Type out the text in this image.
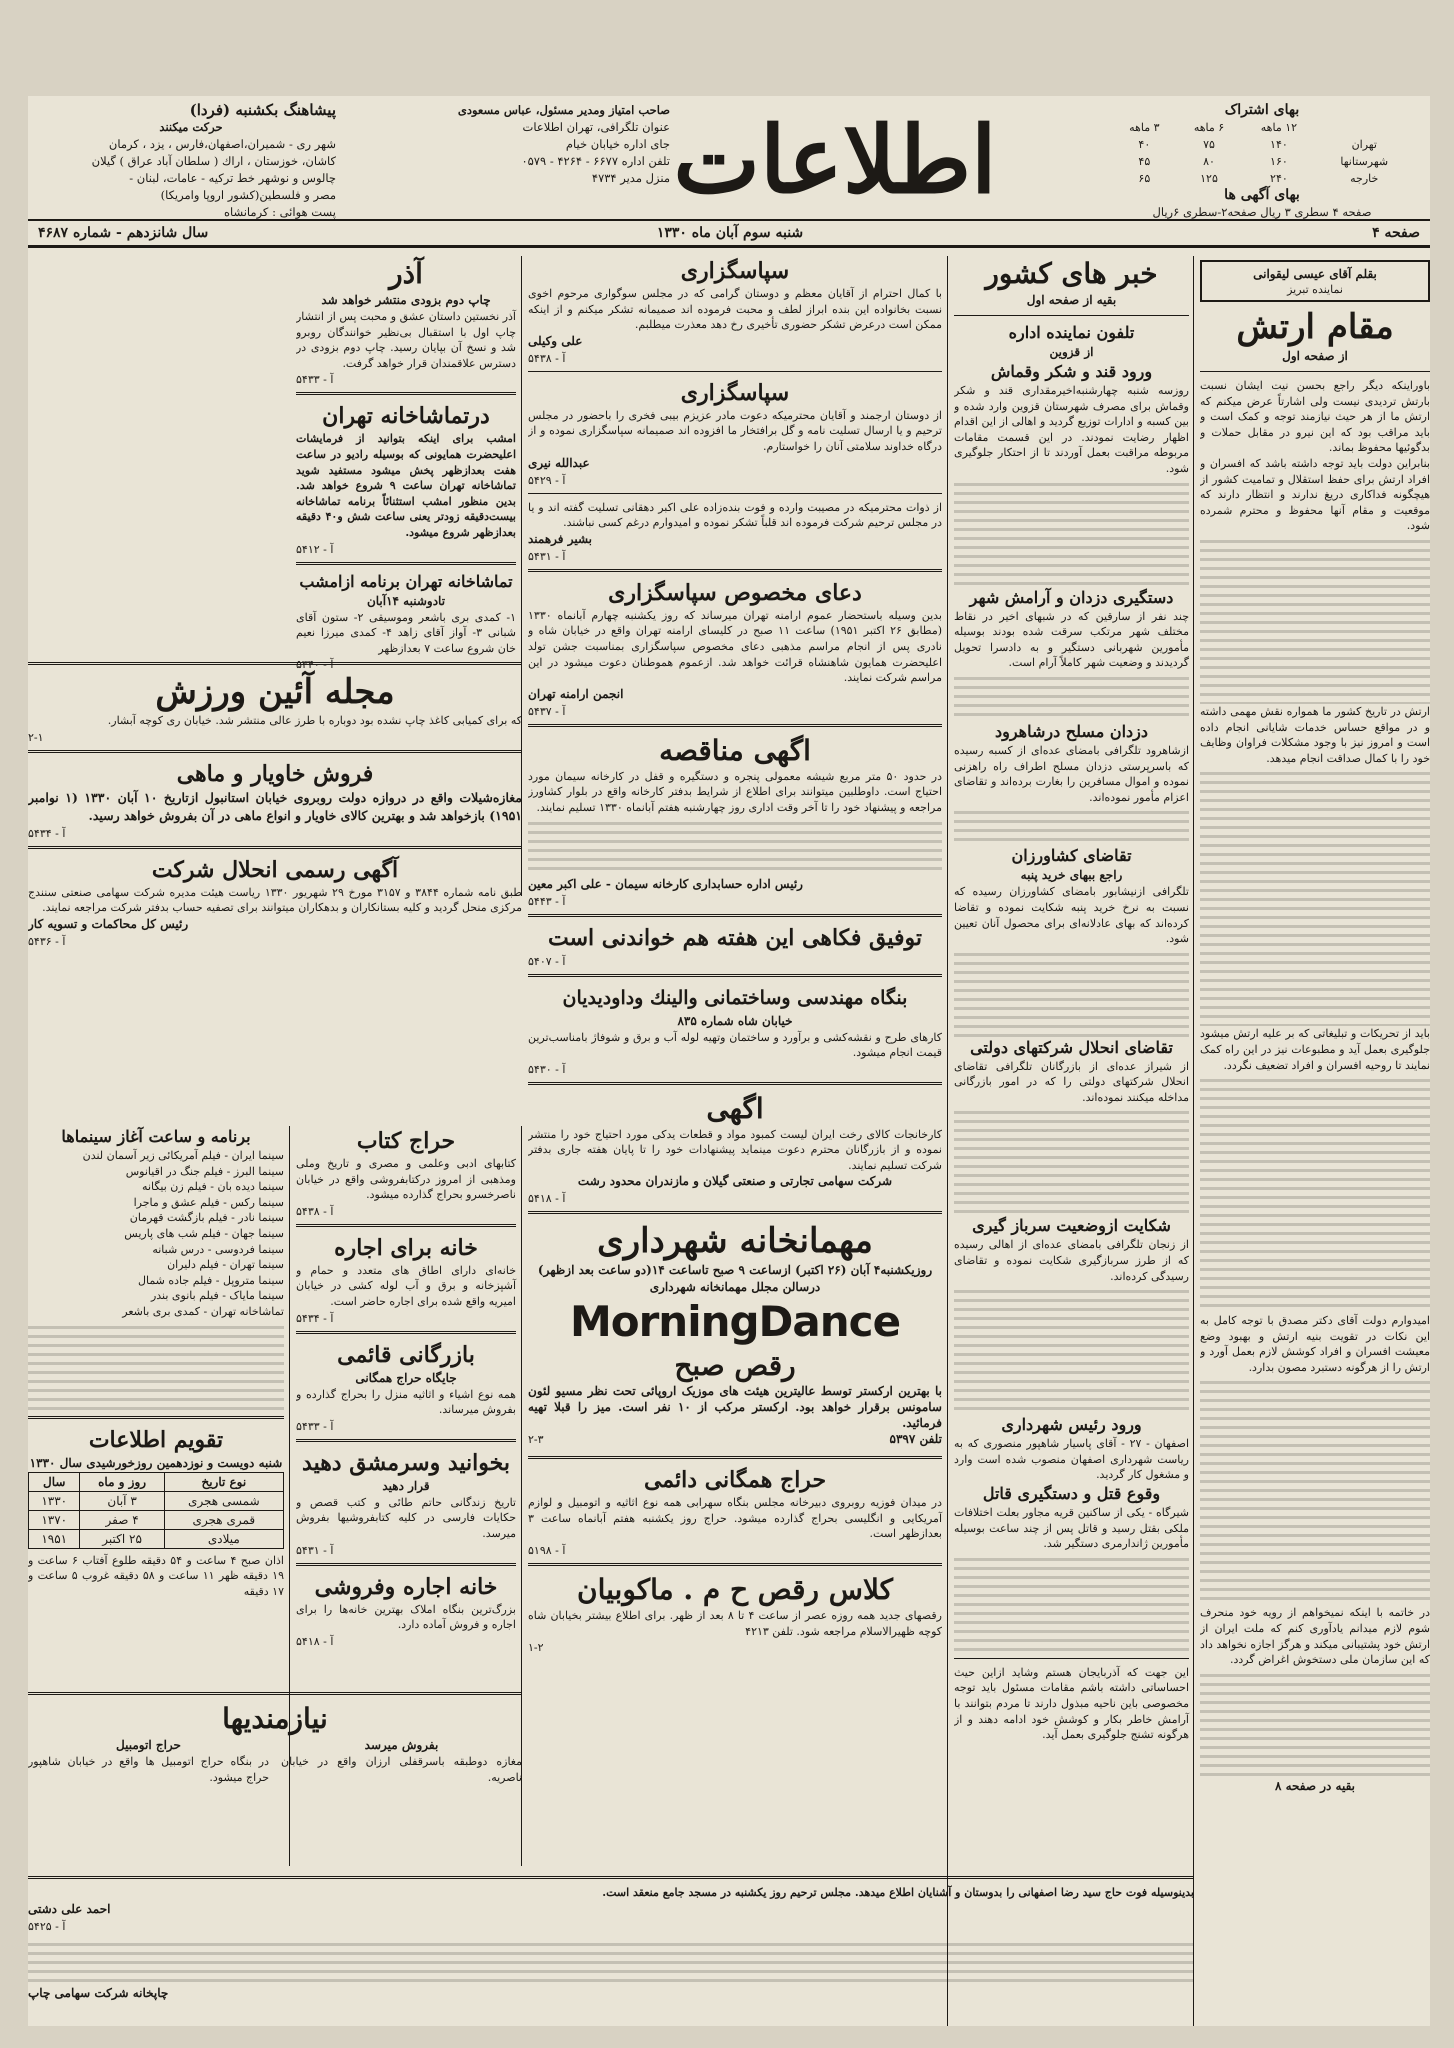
بهای اشتراک
	۱۲ ماهه	۶ ماهه	۳ ماهه
تهران	۱۴۰	۷۵	۴۰
شهرستانها	۱۶۰	۸۰	۴۵
خارجه	۲۴۰	۱۲۵	۶۵
بهای آگهی ها
صفحه ۴ سطری ۳ ریال صفحه۲-سطری ۶ریال
اطلاعات
صاحب امتیاز ومدیر مسئول، عباس مسعودی
عنوان تلگرافی، تهران اطلاعات
جای اداره خیابان خیام
تلفن اداره ۶۶۷۷ - ۴۲۶۴ - ۰۵۷۹
منزل مدیر ۴۷۳۴
پیشاهنگ بکشنبه (فردا)
حرکت میکنند
شهر ری - شمیران،اصفهان،فارس ، یزد ، کرمان
کاشان، خوزستان ، اراك ( سلطان آباد عراق ) گیلان
چالوس و نوشهر خط ترکیه - عامات، لبنان -
مصر و فلسطین(کشور اروپا وامریکا)
پست هوائی : کرمانشاه
صفحه ۴
شنبه سوم آبان ماه ۱۳۳۰
سال شانزدهم - شماره ۴۶۸۷
بقلم آقای عیسی لیقوانی
نماینده تبریز
مقام ارتش
از صفحه اول

باوراینکه دیگر راجع بحسن نیت ایشان نسبت بارتش تردیدی نیست ولی اشارتاً عرض میکنم که ارتش ما از هر حیث نیازمند توجه و کمک است و باید مراقب بود که این نیرو در مقابل حملات و بدگوئیها محفوظ بماند.

بنابراین دولت باید توجه داشته باشد که افسران و افراد ارتش برای حفظ استقلال و تمامیت کشور از هیچگونه فداکاری دریغ ندارند و انتظار دارند که موقعیت و مقام آنها محفوظ و محترم شمرده شود.

ارتش در تاریخ کشور ما همواره نقش مهمی داشته و در مواقع حساس خدمات شایانی انجام داده است و امروز نیز با وجود مشکلات فراوان وظایف خود را با کمال صداقت انجام میدهد.

باید از تحریکات و تبلیغاتی که بر علیه ارتش میشود جلوگیری بعمل آید و مطبوعات نیز در این راه کمک نمایند تا روحیه افسران و افراد تضعیف نگردد.

امیدوارم دولت آقای دکتر مصدق با توجه کامل به این نکات در تقویت بنیه ارتش و بهبود وضع معیشت افسران و افراد کوشش لازم بعمل آورد و ارتش را از هرگونه دستبرد مصون بدارد.

در خاتمه با اینکه نمیخواهم از رویه خود منحرف شوم لازم میدانم یادآوری کنم که ملت ایران از ارتش خود پشتیبانی میکند و هرگز اجازه نخواهد داد که این سازمان ملی دستخوش اغراض گردد.

بقیه در صفحه ۸
خبر های کشور
بقیه از صفحه اول
تلفون نماینده اداره
از قزوین
ورود قند و شکر وقماش

روزسه شنبه چهارشنبه‌اخیرمقداری قند و شکر وقماش برای مصرف شهرستان قزوین وارد شده و بین کسبه و ادارات توزیع گردید و اهالی از این اقدام اظهار رضایت نمودند. در این قسمت مقامات مربوطه مراقبت بعمل آوردند تا از احتکار جلوگیری شود.

دستگیری دزدان و آرامش شهر

چند نفر از سارقین که در شبهای اخیر در نقاط مختلف شهر مرتکب سرقت شده بودند بوسیله مأمورین شهربانی دستگیر و به دادسرا تحویل گردیدند و وضعیت شهر کاملاً آرام است.

دزدان مسلح درشاهرود

ازشاهرود تلگرافی بامضای عده‌ای از کسبه رسیده که باسرپرستی دزدان مسلح اطراف راه راهزنی نموده و اموال مسافرین را بغارت برده‌اند و تقاضای اعزام مأمور نموده‌اند.

تقاضای کشاورزان
راجع ببهای خرید پنبه

تلگرافی ازنیشابور بامضای کشاورزان رسیده که نسبت به نرخ خرید پنبه شکایت نموده و تقاضا کرده‌اند که بهای عادلانه‌ای برای محصول آنان تعیین شود.

تقاضای انحلال شرکتهای دولتی

از شیراز عده‌ای از بازرگانان تلگرافی تقاضای انحلال شرکتهای دولتی را که در امور بازرگانی مداخله میکنند نموده‌اند.

شکایت ازوضعیت سرباز گیری

از زنجان تلگرافی بامضای عده‌ای از اهالی رسیده که از طرز سربازگیری شکایت نموده و تقاضای رسیدگی کرده‌اند.

ورود رئیس شهرداری

اصفهان - ۲۷ - آقای پاسیار شاهپور منصوری که به ریاست شهرداری اصفهان منصوب شده است وارد و مشغول کار گردید.

وقوع قتل و دستگیری قاتل

شیرگاه - یکی از ساکنین قریه مجاور بعلت اختلافات ملکی بقتل رسید و قاتل پس از چند ساعت بوسیله مأمورین ژاندارمری دستگیر شد.

این جهت که آذربایجان هستم وشاید ازاین حیث احساساتی داشته باشم مقامات مسئول باید توجه مخصوصی باین ناحیه مبذول دارند تا مردم بتوانند با آرامش خاطر بکار و کوشش خود ادامه دهند و از هرگونه تشنج جلوگیری بعمل آید.

سپاسگزاری

با کمال احترام از آقایان معظم و دوستان گرامی که در مجلس سوگواری مرحوم اخوی نسبت بخانواده این بنده ابراز لطف و محبت فرموده اند صمیمانه تشکر میکنم و از اینکه ممکن است درعرض تشکر حضوری تأخیری رخ دهد معذرت میطلبم.

علی وکیلی
آ - ۵۴۳۸
سپاسگزاری

از دوستان ارجمند و آقایان محترمیکه دعوت مادر عزیزم بیبی فخری را باحضور در مجلس ترحیم و یا ارسال تسلیت نامه و گل برافتخار ما افزوده اند صمیمانه سپاسگزاری نموده و از درگاه خداوند سلامتی آنان را خواستارم.

عبدالله نیری
آ - ۵۴۲۹

از ذوات محترمیکه در مصیبت وارده و فوت بنده‌زاده علی اکبر دهقانی تسلیت گفته اند و یا در مجلس ترحیم شرکت فرموده اند قلباً تشکر نموده و امیدوارم درغم کسی نباشند.

بشیر فرهمند
آ - ۵۴۳۱
دعای مخصوص سپاسگزاری

بدین وسیله باستحضار عموم ارامنه تهران میرساند که روز یکشنبه چهارم آبانماه ۱۳۳۰ (مطابق ۲۶ اکتبر ۱۹۵۱) ساعت ۱۱ صبح در کلیسای ارامنه تهران واقع در خیابان شاه و نادری پس از انجام مراسم مذهبی دعای مخصوص سپاسگزاری بمناسبت جشن تولد اعلیحضرت همایون شاهنشاه قرائت خواهد شد. ازعموم هموطنان دعوت میشود در این مراسم شرکت نمایند.

انجمن ارامنه تهران
آ - ۵۴۳۷
اگهی مناقصه

در حدود ۵۰ متر مربع شیشه معمولی پنجره و دستگیره و قفل در کارخانه سیمان مورد احتیاج است. داوطلبین میتوانند برای اطلاع از شرایط بدفتر کارخانه واقع در بلوار کشاورز مراجعه و پیشنهاد خود را تا آخر وقت اداری روز چهارشنبه هفتم آبانماه ۱۳۳۰ تسلیم نمایند.

رئیس اداره حسابداری کارخانه سیمان - علی اکبر معین
آ - ۵۴۴۳
توفیق فکاهی این هفته هم خواندنی است
آ - ۵۴۰۷
بنگاه مهندسی وساختمانی والینك وداودیدیان
خیابان شاه شماره ۸۳۵

کارهای طرح و نقشه‌کشی و برآورد و ساختمان وتهیه لوله آب و برق و شوفاژ بامناسب‌ترین قیمت انجام میشود.

آ - ۵۴۳۰
اگهی

کارخانجات کالای رخت ایران لیست کمبود مواد و قطعات یدکی مورد احتیاج خود را منتشر نموده و از بازرگانان محترم دعوت مینماید پیشنهادات خود را تا پایان هفته جاری بدفتر شرکت تسلیم نمایند.

شرکت سهامی تجارتی و صنعتی گیلان و مازندران محدود رشت
آ - ۵۴۱۸
مهمانخانه شهرداری
روزیکشنبه۴ آبان (۲۶ اکتبر) ازساعت ۹ صبح تاساعت ۱۴(دو ساعت بعد ازظهر) درسالن مجلل مهمانخانه شهرداری
MorningDance
رقص صبح

با بهترین ارکستر توسط عالیترین هیئت های موزیک اروپائی تحت نظر مسیو لئون سامونس برقرار خواهد بود. ارکستر مرکب از ۱۰ نفر است. میز را قبلا تهیه فرمائید.

تلفن ۵۳۹۷
۲-۳
حراج همگانی دائمی

در میدان فوزیه روبروی دبیرخانه مجلس بنگاه سهرابی همه نوع اثاثیه و اتومبیل و لوازم آمریکایی و انگلیسی بحراج گذارده میشود. حراج روز یکشنبه هفتم آبانماه ساعت ۳ بعدازظهر است.

آ - ۵۱۹۸
کلاس رقص ح م . ماکوبیان

رقصهای جدید همه روزه عصر از ساعت ۴ تا ۸ بعد از ظهر. برای اطلاع بیشتر بخیابان شاه کوچه ظهیرالاسلام مراجعه شود. تلفن ۴۲۱۳

۱-۲
آذر
چاپ دوم بزودی منتشر خواهد شد

آذر نخستین داستان عشق و محبت پس از انتشار چاپ اول با استقبال بی‌نظیر خوانندگان روبرو شد و نسخ آن بپایان رسید. چاپ دوم بزودی در دسترس علاقمندان قرار خواهد گرفت.

آ - ۵۴۳۳
درتماشاخانه تهران

امشب برای اینکه بتوانید از فرمایشات اعلیحضرت همایونی که بوسیله رادیو در ساعت هفت بعدازظهر پخش میشود مستفید شوید تماشاخانه تهران ساعت ۹ شروع خواهد شد. بدین منظور امشب استثنائاً برنامه تماشاخانه بیست‌دقیقه زودتر یعنی ساعت شش و۴۰ دقیقه بعدازظهر شروع میشود.

آ - ۵۴۱۲
تماشاخانه تهران برنامه ازامشب
تادوشنبه ۱۴آبان

۱- کمدی بری باشعر وموسیقی ۲- ستون آقای شبانی ۳- آواز آقای زاهد ۴- کمدی میرزا نعیم خان شروع ساعت ۷ بعدازظهر

آ - ۵۳۴۰
مجله آئین ورزش

که برای کمیابی کاغذ چاپ نشده بود دوباره با طرز عالی منتشر شد. خیابان ری کوچه آبشار.

۲-۱
فروش خاویار و ماهی

مغازه‌شیلات واقع در دروازه دولت روبروی خیابان استانبول ازتاریخ ۱۰ آبان ۱۳۳۰ (۱ نوامبر ۱۹۵۱) بازخواهد شد و بهترین کالای خاویار و انواع ماهی در آن بفروش خواهد رسید.

آ - ۵۴۳۴
آگهی رسمی انحلال شرکت

طبق نامه شماره ۳۸۴۴ و ۳۱۵۷ مورخ ۲۹ شهریور ۱۳۳۰ ریاست هیئت مدیره شرکت سهامی صنعتی سنندج مرکزی منحل گردید و کلیه بستانکاران و بدهکاران میتوانند برای تصفیه حساب بدفتر شرکت مراجعه نمایند.

رئیس کل محاکمات و تسویه کار
آ - ۵۴۳۶
حراج کتاب

کتابهای ادبی وعلمی و مصری و تاریخ وملی ومذهبی از امروز درکتابفروشی واقع در خیابان ناصرخسرو بحراج گذارده میشود.

آ - ۵۴۳۸
خانه برای اجاره

خانه‌ای دارای اطاق های متعدد و حمام و آشپزخانه و برق و آب لوله کشی در خیابان امیریه واقع شده برای اجاره حاضر است.

آ - ۵۴۳۴
بازرگانی قائمی
جایگاه حراج همگانی

همه نوع اشیاء و اثاثیه منزل را بحراج گذارده و بفروش میرساند.

آ - ۵۴۳۳
بخوانید وسرمشق دهید
قرار دهید

تاریخ زندگانی حاتم طائی و کتب قصص و حکایات فارسی در کلیه کتابفروشیها بفروش میرسد.

آ - ۵۴۳۱
خانه اجاره وفروشی

بزرگ‌ترین بنگاه املاک بهترین خانه‌ها را برای اجاره و فروش آماده دارد.

آ - ۵۴۱۸
برنامه و ساعت آغاز سینماها
سینما ایران - فیلم آمریکائی زیر آسمان لندن
سینما البرز - فیلم جنگ در اقیانوس
سینما دیده بان - فیلم زن بیگانه
سینما رکس - فیلم عشق و ماجرا
سینما نادر - فیلم بازگشت قهرمان
سینما جهان - فیلم شب های پاریس
سینما فردوسی - درس شبانه
سینما تهران - فیلم دلیران
سینما متروپل - فیلم جاده شمال
سینما مایاک - فیلم بانوی بندر
تماشاخانه تهران - کمدی بری باشعر
تقویم اطلاعات
شنبه دویست و نوزدهمین روزخورشیدی سال ۱۳۳۰
نوع تاریخ	روز و ماه	سال
شمسی هجری	۳ آبان	۱۳۳۰
قمری هجری	۴ صفر	۱۳۷۰
میلادی	۲۵ اکتبر	۱۹۵۱

اذان صبح ۴ ساعت و ۵۴ دقیقه طلوع آفتاب ۶ ساعت و ۱۹ دقیقه ظهر ۱۱ ساعت و ۵۸ دقیقه غروب ۵ ساعت و ۱۷ دقیقه

نیازمندیها
بفروش میرسد

مغازه دوطبقه باسرقفلی ارزان واقع در خیابان ناصریه.

حراج اتومبیل

در بنگاه حراج اتومبیل ها واقع در خیابان شاهپور حراج میشود.

بدینوسیله فوت حاج سید رضا اصفهانی را بدوستان و آشنایان اطلاع میدهد. مجلس ترحیم روز یکشنبه در مسجد جامع منعقد است.

احمد علی دشتی
آ - ۵۴۲۵
چاپخانه شرکت سهامی چاپ
